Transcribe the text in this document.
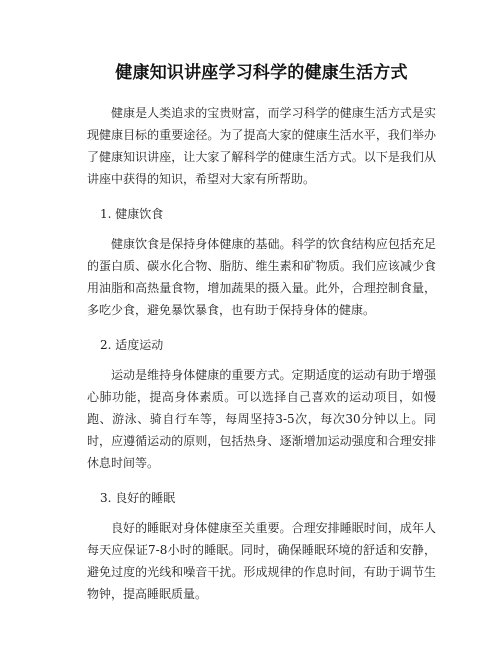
健康知识讲座学习科学的健康生活方式

健康是人类追求的宝贵财富，而学习科学的健康生活方式是实现健康目标的重要途径。为了提高大家的健康生活水平，我们举办了健康知识讲座，让大家了解科学的健康生活方式。以下是我们从讲座中获得的知识，希望对大家有所帮助。

1. 健康饮食

健康饮食是保持身体健康的基础。科学的饮食结构应包括充足的蛋白质、碳水化合物、脂肪、维生素和矿物质。我们应该减少食用油脂和高热量食物，增加蔬果的摄入量。此外，合理控制食量，多吃少食，避免暴饮暴食，也有助于保持身体的健康。

2. 适度运动

运动是维持身体健康的重要方式。定期适度的运动有助于增强心肺功能，提高身体素质。可以选择自己喜欢的运动项目，如慢跑、游泳、骑自行车等，每周坚持3-5次，每次30分钟以上。同时，应遵循运动的原则，包括热身、逐渐增加运动强度和合理安排休息时间等。

3. 良好的睡眠

良好的睡眠对身体健康至关重要。合理安排睡眠时间，成年人每天应保证7-8小时的睡眠。同时，确保睡眠环境的舒适和安静，避免过度的光线和噪音干扰。形成规律的作息时间，有助于调节生物钟，提高睡眠质量。
